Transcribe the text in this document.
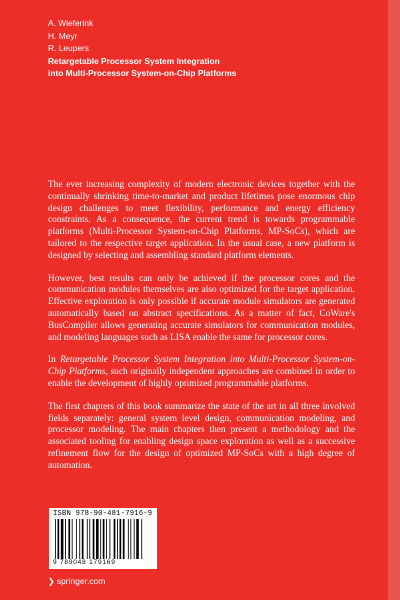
A. Wieferink
H. Meyr
R. Leupers
Retargetable Processor System Integration
into Multi-Processor System-on-Chip Platforms

The ever increasing complexity of modern electronic devices together with the continually shrinking time-to-market and product lifetimes pose enormous chip design challenges to meet flexibility, performance and energy efficiency constraints. As a consequence, the current trend is towards programmable platforms (Multi-Processor System-on-Chip Platforms, MP-SoCs), which are tailored to the respective target application. In the usual case, a new platform is designed by selecting and assembling standard platform elements.

However, best results can only be achieved if the processor cores and the communication modules themselves are also optimized for the target application. Effective exploration is only possible if accurate module simulators are generated automatically based on abstract specifications. As a matter of fact, CoWare's BusCompiler allows generating accurate simulators for communication modules, and modeling languages such as LISA enable the same for processor cores.

In Retargetable Processor System Integration into Multi-Processor System-on-Chip Platforms, such originally independent approaches are combined in order to enable the development of highly optimized programmable platforms.

The first chapters of this book summarize the state of the art in all three involved fields separately: general system level design, communication modeling, and processor modeling. The main chapters then present a methodology and the associated tooling for enabling design space exploration as well as a successive refinement flow for the design of optimized MP-SoCs with a high degree of automation.

ISBN 978-90-481-7916-9
9 789048 179169
❯ springer.com
